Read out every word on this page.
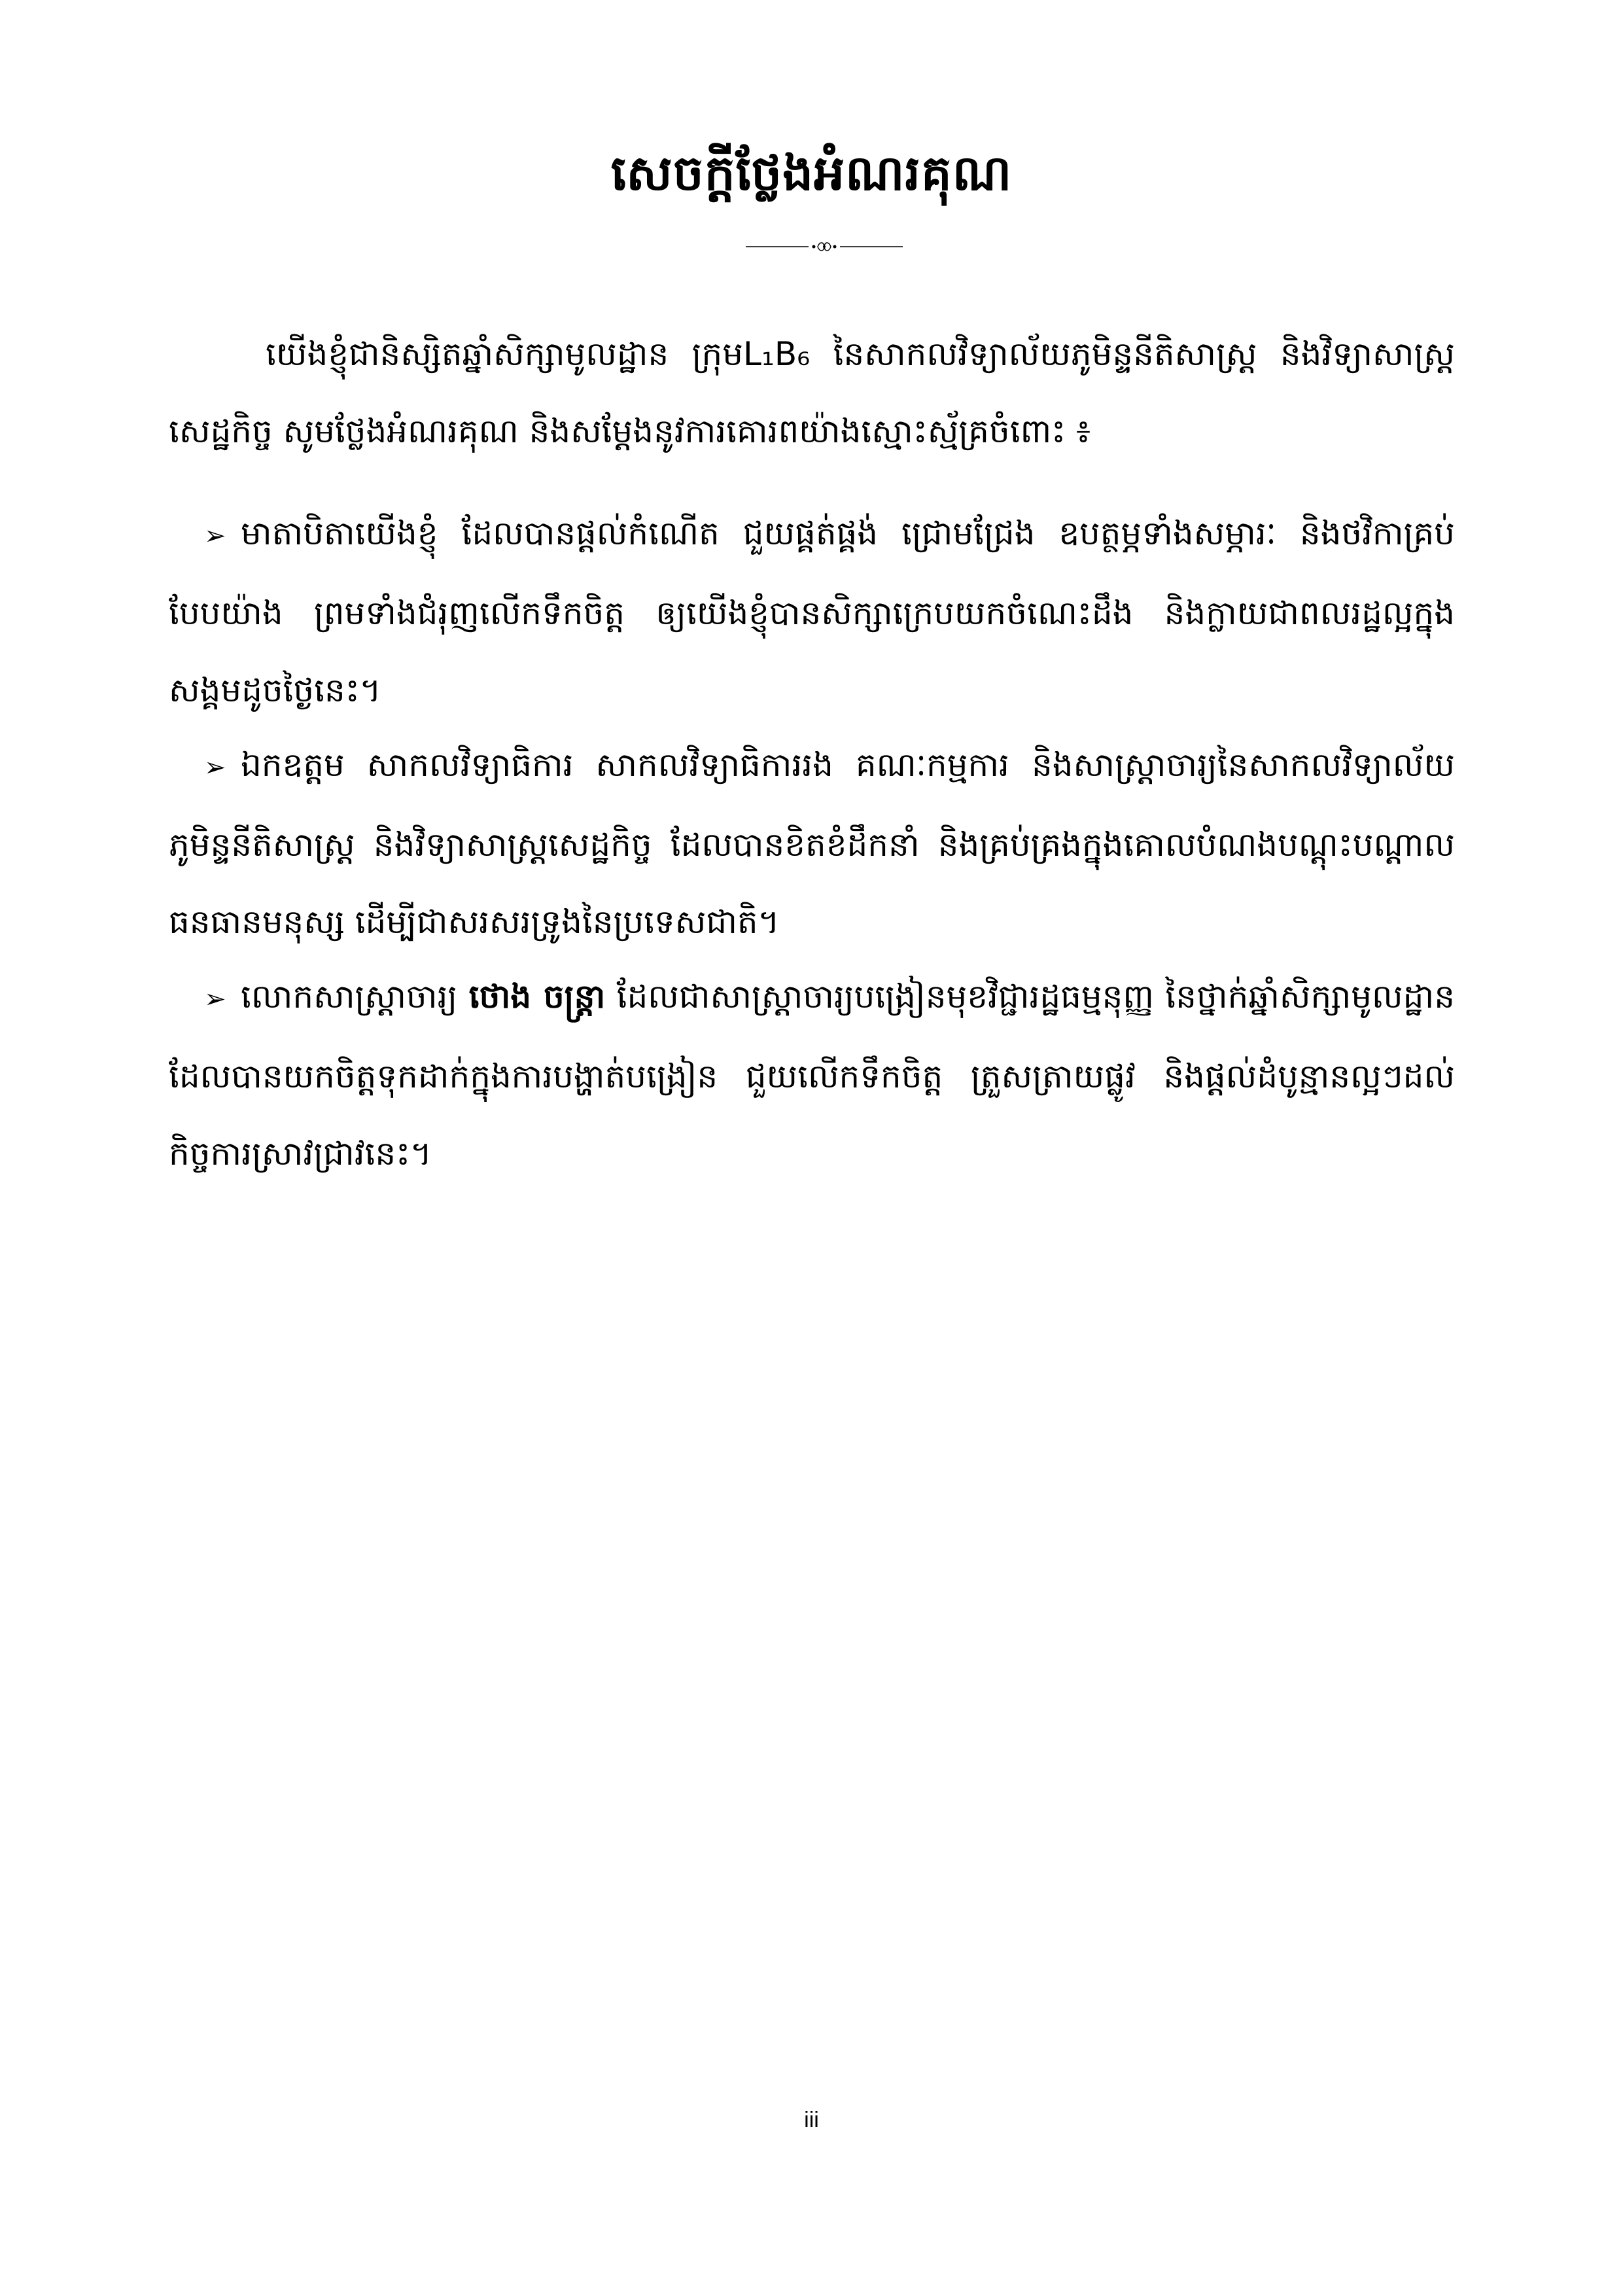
សេចក្តីថ្លែងអំណរគុណ
យើងខ្ញុំជានិស្សិតឆ្នាំសិក្សាមូលដ្ឋាន ក្រុមL₁B₆ នៃសាកលវិទ្យាល័យភូមិន្ទនីតិសាស្ត្រ និងវិទ្យាសាស្ត្រសេដ្ឋកិច្ច សូមថ្លែងអំណរគុណ និងសម្តែងនូវការគោរពយ៉ាងស្មោះស្ម័គ្រចំពោះ ៖
➢ មាតាបិតាយើងខ្ញុំ ដែលបានផ្តល់កំណើត ជួយផ្គត់ផ្គង់ ជ្រោមជ្រែង ឧបត្ថម្ភទាំងសម្ភារៈ និងថវិកាគ្រប់បែបយ៉ាង ព្រមទាំងជំរុញលើកទឹកចិត្ត ឲ្យយើងខ្ញុំបានសិក្សាក្រេបយកចំណេះដឹង និងក្លាយជាពលរដ្ឋល្អក្នុងសង្គមដូចថ្ងៃនេះ។
➢ ឯកឧត្តម សាកលវិទ្យាធិការ សាកលវិទ្យាធិការរង គណៈកម្មការ និងសាស្ត្រាចារ្យនៃសាកលវិទ្យាល័យភូមិន្ទនីតិសាស្ត្រ និងវិទ្យាសាស្ត្រសេដ្ឋកិច្ច ដែលបានខិតខំដឹកនាំ និងគ្រប់គ្រងក្នុងគោលបំណងបណ្តុះបណ្តាលធនធានមនុស្ស ដើម្បីជាសរសរទ្រូងនៃប្រទេសជាតិ។
➢ លោកសាស្ត្រាចារ្យ ថោង ចន្ត្រា ដែលជាសាស្ត្រាចារ្យបង្រៀនមុខវិជ្ជារដ្ឋធម្មនុញ្ញ នៃថ្នាក់ឆ្នាំសិក្សាមូលដ្ឋាន ដែលបានយកចិត្តទុកដាក់ក្នុងការបង្ហាត់បង្រៀន ជួយលើកទឹកចិត្ត ត្រួសត្រាយផ្លូវ និងផ្តល់ដំបូន្មានល្អៗដល់កិច្ចការស្រាវជ្រាវនេះ។
iii
